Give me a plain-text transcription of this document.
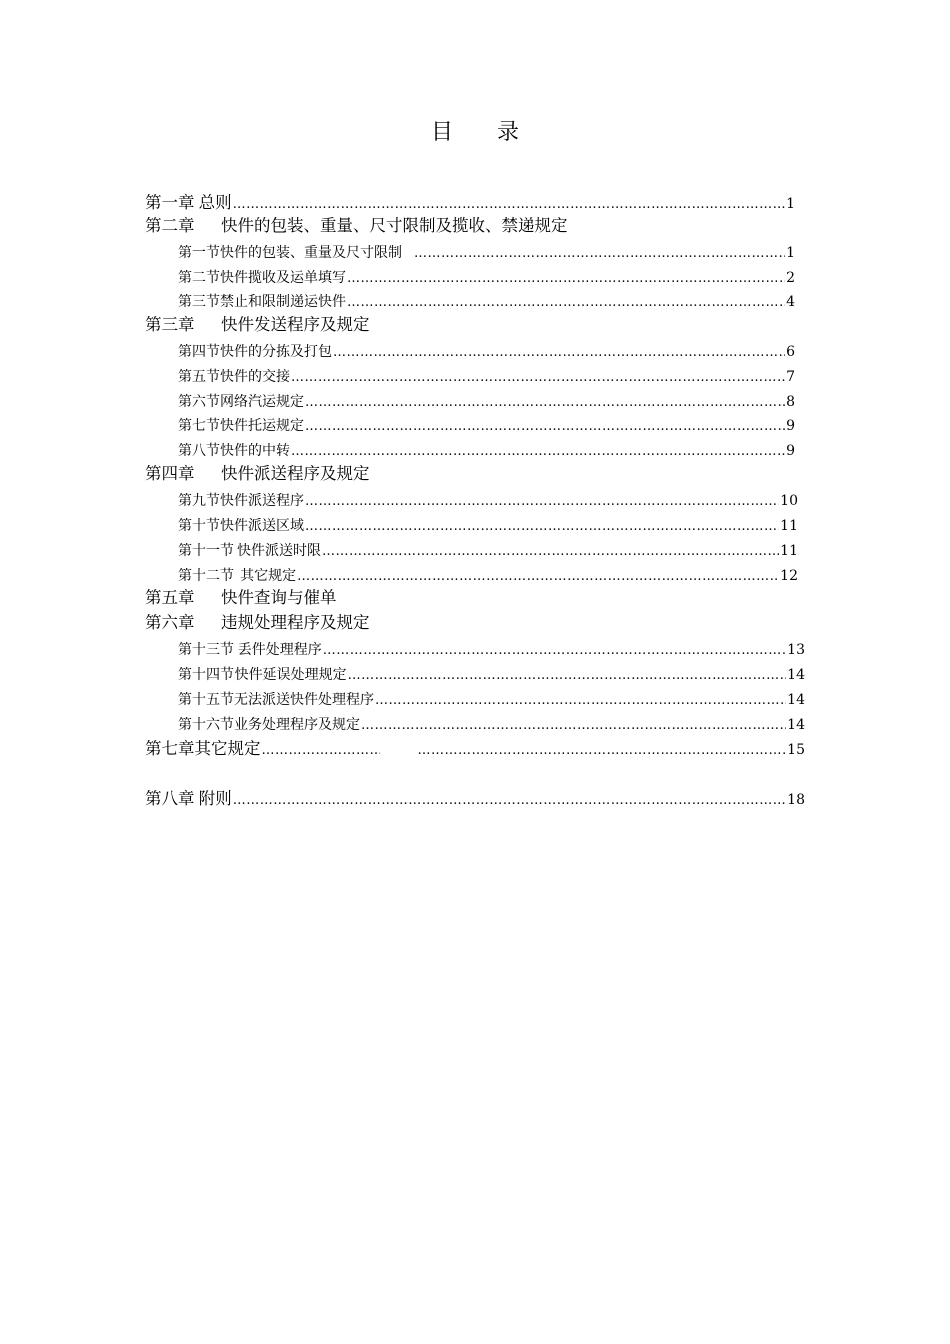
目 录
第一章 总则 …………………………………………………………………………………………………………………………………………………………	1
第二章	快件的包装、重量、尺寸限制及揽收、禁递规定
第一节 快件的包装、重量及尺寸限制 …………………………………………………………………………………………………………………………………………………………	1
第二节 快件揽收及运单填写 …………………………………………………………………………………………………………………………………………………………	2
第三节 禁止和限制递运快件 …………………………………………………………………………………………………………………………………………………………	4
第三章	快件发送程序及规定
第四节 快件的分拣及打包 …………………………………………………………………………………………………………………………………………………………	6
第五节 快件的交接 …………………………………………………………………………………………………………………………………………………………	7
第六节 网络汽运规定 …………………………………………………………………………………………………………………………………………………………	8
第七节 快件托运规定 …………………………………………………………………………………………………………………………………………………………	9
第八节 快件的中转 …………………………………………………………………………………………………………………………………………………………	9
第四章	快件派送程序及规定
第九节 快件派送程序 …………………………………………………………………………………………………………………………………………………………	10
第十节 快件派送区域 …………………………………………………………………………………………………………………………………………………………	11
第十一节 快件派送时限 …………………………………………………………………………………………………………………………………………………………	11
第十二节 其它规定 …………………………………………………………………………………………………………………………………………………………	12
第五章	快件查询与催单
第六章	违规处理程序及规定
第十三节 丢件处理程序 …………………………………………………………………………………………………………………………………………………………	13
第十四节 快件延误处理规定 …………………………………………………………………………………………………………………………………………………………	14
第十五节 无法派送快件处理程序 …………………………………………………………………………………………………………………………………………………………	14
第十六节 业务处理程序及规定 …………………………………………………………………………………………………………………………………………………………	14
第七章 其它规定 ………………………………………………………………………………………………………………………………………………………… …………………………………………………………………………………………………………………………………………………………	15
第八章 附则 …………………………………………………………………………………………………………………………………………………………	18
